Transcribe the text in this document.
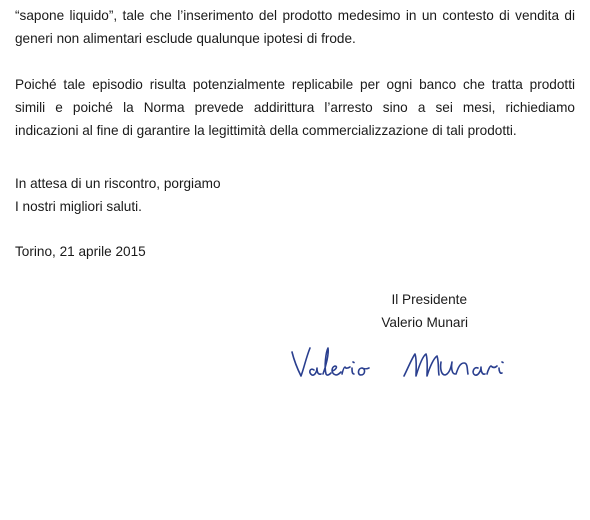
“sapone liquido”, tale che l’inserimento del prodotto medesimo in un contesto di vendita di
generi non alimentari esclude qualunque ipotesi di frode.

Poiché tale episodio risulta potenzialmente replicabile per ogni banco che tratta prodotti
simili e poiché la Norma prevede addirittura l’arresto sino a sei mesi, richiediamo
indicazioni al fine di garantire la legittimità della commercializzazione di tali prodotti.

In attesa di un riscontro, porgiamo
I nostri migliori saluti.

Torino, 21 aprile 2015

Il Presidente
Valerio Munari
